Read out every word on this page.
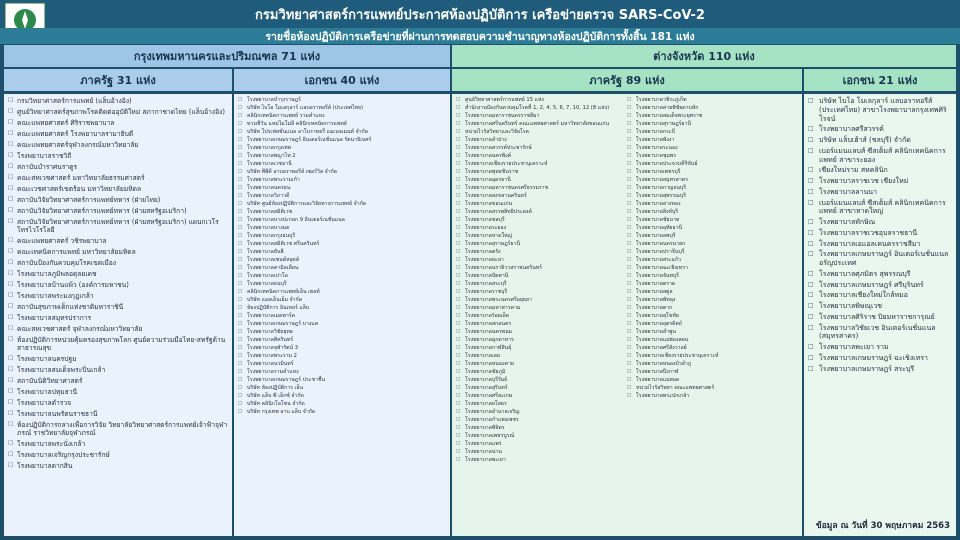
กรมวิทยาศาสตร์การแพทย์ประกาศห้องปฏิบัติการ เครือข่ายตรวจ SARS-CoV-2
รายชื่อห้องปฏิบัติการเครือข่ายที่ผ่านการทดสอบความชำนาญทางห้องปฏิบัติการทั้งสิ้น 181 แห่ง
กรุงเทพมหานครและปริมณฑล 71 แห่ง	ต่างจังหวัด 110 แห่ง
ภาครัฐ 31 แห่ง	เอกชน 40 แห่ง	ภาครัฐ 89 แห่ง	เอกชน 21 แห่ง
□ กรมวิทยาศาสตร์การแพทย์ (แล็บอ้างอิง)
□ ศูนย์วิทยาศาสตร์สุขภาพโรคติดต่ออุบัติใหม่ สภากาชาดไทย (แล็บอ้างอิง)
□ คณะแพทยศาสตร์ ศิริราชพยาบาล
□ คณะแพทยศาสตร์ โรงพยาบาลรามาธิบดี
□ คณะแพทยศาสตร์จุฬาลงกรณ์มหาวิทยาลัย
□ โรงพยาบาลราชวิถี
□ สถาบันบำราศนราดูร
□ คณะสหเวชศาสตร์ มหาวิทยาลัยธรรมศาสตร์
□ คณะเวชศาสตร์เขตร้อน มหาวิทยาลัยมหิดล
□ สถาบันวิจัยวิทยาศาสตร์การแพทย์ทหาร (ฝ่ายไทย)
□ สถาบันวิจัยวิทยาศาสตร์การแพทย์ทหาร (ฝ่ายสหรัฐอเมริกา)
□ สถาบันวิจัยวิทยาศาสตร์การแพทย์ทหาร (ฝ่ายสหรัฐอเมริกา) แผนกเวโรโทรไวโรโลยี
□ คณะแพทยศาสตร์ วชิรพยาบาล
□ คณะเทคนิคการแพทย์ มหาวิทยาลัยมหิดล
□ สถาบันป้องกันควบคุมโรคเขตเมือง
□ โรงพยาบาลภูมิพลอดุลยเดช
□ โรงพยาบาลบ้านแพ้ว (องค์การมหาชน)
□ โรงพยาบาลพระมงกุฎเกล้า
□ สถาบันสุขภาพเด็กแห่งชาติมหาราชินี
□ โรงพยาบาลสมุทรปราการ
□ คณะสหเวชศาสตร์ จุฬาลงกรณ์มหาวิทยาลัย
□ ห้องปฏิบัติการหน่วยคุ้มครองสุขภาพโลก ศูนย์ความร่วมมือไทย-สหรัฐด้านสาธารณสุข
□ โรงพยาบาลนครปฐม
□ โรงพยาบาลสมเด็จพระปิ่นเกล้า
□ สถาบันนิติวิทยาศาสตร์
□ โรงพยาบาลปทุมธานี
□ โรงพยาบาลตำรวจ
□ โรงพยาบาลนพรัตนราชธานี
□ ห้องปฏิบัติการกลางเพื่อการวิจัย วิทยาลัยวิทยาศาสตร์การแพทย์เจ้าฟ้าจุฬาภรณ์ ราชวิทยาลัยจุฬาภรณ์
□ โรงพยาบาลพระนั่งเกล้า
□ โรงพยาบาลเจริญกรุงประชารักษ์
□ โรงพยาบาลตากสิน
□ โรงพยาบาลบำรุงราษฎร์
□ บริษัท ไบโอ โมเลกุลาร์ แลบอราทอรีส์ (ประเทศไทย)
□ คลินิกเทคนิคการแพทย์ รามคำแหง
□ ทวนชีวัน แหม่ไมโม่ลี คลินิกเทคนิคการแพทย์
□ บริษัท โปรเฟสชั่นแนล ลาโบราทอรี่ แมเนจเมนท์ จำกัด
□ โรงพยาบาลเกษมราษฎร์ อินเตอร์เนชั่นแนล รัตนาธิเบศร์
□ โรงพยาบาลกรุงเทพ
□ โรงพยาบาลพญาไท 2
□ โรงพยาบาลเวชธานี
□ บริษัท พีพีดี ลาบอราทอรีส์ เซอร์วิส จำกัด
□ โรงพยาบาลพระรามเก้า
□ โรงพยาบาลนครธน
□ โรงพยาบาลวิภาวดี
□ บริษัท ศูนย์ห้องปฏิบัติการและวิจัยทางการแพทย์ จำกัด
□ โรงพยาบาลสมิติเวช
□ โรงพยาบาลบางปะกอก 9 อินเตอร์เนชั่นแนล
□ โรงพยาบาลบางมด
□ โรงพยาบาลกรุงธนบุรี
□ โรงพยาบาลสมิติเวช ศรีนครินทร์
□ โรงพยาบาลยันฮี
□ โรงพยาบาลเซนต์หลุยส์
□ โรงพยาบาลคามิลเลียน
□ โรงพยาบาลเปาโล
□ โรงพยาบาลธนบุรี
□ คลินิกเทคนิคการแพทย์เอ็น เฮลท์
□ บริษัท แอลเอ็นเอ็ม จำกัด
□ ห้องปฏิบัติการ อินเทอร์ แล็บ
□ โรงพยาบาลเมดพาร์ค
□ โรงพยาบาลเกษมราษฎร์ บางแค
□ โรงพยาบาลวิชัยยุทธ
□ โรงพยาบาลศิครินทร์
□ โรงพยาบาลจุฬารัตน์ 3
□ โรงพยาบาลพระราม 2
□ โรงพยาบาลนวมินทร์
□ โรงพยาบาลรามคำแหง
□ โรงพยาบาลเกษมราษฎร์ ประชาชื่น
□ บริษัท ห้องปฏิบัติการ เอ็น
□ บริษัท แล็บ ซี เอ็กซ์ จำกัด
□ บริษัท คลินิกโอโซน จำกัด
□ บริษัท กรุงเทพ ลาบ แล็บ จำกัด
□ ศูนย์วิทยาศาสตร์การแพทย์ 15 แห่ง
□ สำนักงานป้องกันควบคุมโรคที่ 1, 2, 4, 5, 6, 7, 10, 12 (8 แห่ง)
□ โรงพยาบาลมหาราชนครราชสีมา
□ โรงพยาบาลศรีนครินทร์ คณะแพทยศาสตร์ มหาวิทยาลัยขอนแก่น
□ หน่วยไวรัสวิทยาและวิจัยโรค
□ โรงพยาบาลลำปาง
□ โรงพยาบาลสวรรค์ประชารักษ์
□ โรงพยาบาลนครพิงค์
□ โรงพยาบาลเชียงรายประชานุเคราะห์
□ โรงพยาบาลพุทธชินราช
□ โรงพยาบาลอุดรธานี
□ โรงพยาบาลมหาราชนครศรีธรรมราช
□ โรงพยาบาลสงขลานครินทร์
□ โรงพยาบาลขอนแก่น
□ โรงพยาบาลสรรพสิทธิประสงค์
□ โรงพยาบาลชลบุรี
□ โรงพยาบาลระยอง
□ โรงพยาบาลหาดใหญ่
□ โรงพยาบาลสุราษฎร์ธานี
□ โรงพยาบาลตรัง
□ โรงพยาบาลยะลา
□ โรงพยาบาลนราธิวาสราชนครินทร์
□ โรงพยาบาลปัตตานี
□ โรงพยาบาลสระบุรี
□ โรงพยาบาลราชบุรี
□ โรงพยาบาลพระนครศรีอยุธยา
□ โรงพยาบาลมหาสารคาม
□ โรงพยาบาลร้อยเอ็ด
□ โรงพยาบาลสกลนคร
□ โรงพยาบาลนครพนม
□ โรงพยาบาลมุกดาหาร
□ โรงพยาบาลกาฬสินธุ์
□ โรงพยาบาลเลย
□ โรงพยาบาลหนองคาย
□ โรงพยาบาลชัยภูมิ
□ โรงพยาบาลบุรีรัมย์
□ โรงพยาบาลสุรินทร์
□ โรงพยาบาลศรีสะเกษ
□ โรงพยาบาลยโสธร
□ โรงพยาบาลอำนาจเจริญ
□ โรงพยาบาลกำแพงเพชร
□ โรงพยาบาลพิจิตร
□ โรงพยาบาลเพชรบูรณ์
□ โรงพยาบาลแพร่
□ โรงพยาบาลน่าน
□ โรงพยาบาลพะเยา
□ โรงพยาบาลวชิระภูเก็ต
□ โรงพยาบาลค่ายพิชัยดาบหัก
□ โรงพยาบาลสมเด็จพระยุพราช
□ โรงพยาบาลสุราษฎร์ธานี
□ โรงพยาบาลกระบี่
□ โรงพยาบาลพังงา
□ โรงพยาบาลระนอง
□ โรงพยาบาลชุมพร
□ โรงพยาบาลประจวบคีรีขันธ์
□ โรงพยาบาลเพชรบุรี
□ โรงพยาบาลสมุทรสาคร
□ โรงพยาบาลกาญจนบุรี
□ โรงพยาบาลสุพรรณบุรี
□ โรงพยาบาลอ่างทอง
□ โรงพยาบาลสิงห์บุรี
□ โรงพยาบาลชัยนาท
□ โรงพยาบาลอุทัยธานี
□ โรงพยาบาลลพบุรี
□ โรงพยาบาลนครนายก
□ โรงพยาบาลปราจีนบุรี
□ โรงพยาบาลสระแก้ว
□ โรงพยาบาลฉะเชิงเทรา
□ โรงพยาบาลจันทบุรี
□ โรงพยาบาลตราด
□ โรงพยาบาลสตูล
□ โรงพยาบาลพัทลุง
□ โรงพยาบาลตาก
□ โรงพยาบาลสุโขทัย
□ โรงพยาบาลอุตรดิตถ์
□ โรงพยาบาลลำพูน
□ โรงพยาบาลแม่ฮ่องสอน
□ โรงพยาบาลศรีสังวาลย์
□ โรงพยาบาลเชียงรายประชานุเคราะห์
□ โรงพยาบาลหนองบัวลำภู
□ โรงพยาบาลบึงกาฬ
□ โรงพยาบาลแม่สอด
□ หน่วยไวรัสวิทยา คณะแพทยศาสตร์
□ โรงพยาบาลพระปกเกล้า
□ บริษัท ไบโอ โมเลกุลาร์ แลบอราทอรีส์ (ประเทศไทย) สาขาโรงพยาบาลกรุงเทพศิริโรจน์
□ โรงพยาบาลศรีสวรรค์
□ บริษัท แล็บเฮ้าส์ (ชลบุรี) จำกัด
□ เบอร์แมนแลบส์ ซีสเต็มส์ คลินิกเทคนิคการแพทย์ สาขาระยอง
□ เชียงใหม่ราม สหคลินิก
□ โรงพยาบาลราชเวช เชียงใหม่
□ โรงพยาบาลลานนา
□ เบอร์แมนแลบส์ ซีสเต็มส์ คลินิกเทคนิคการแพทย์ สาขาหาดใหญ่
□ โรงพยาบาลทักษิณ
□ โรงพยาบาลราชเวชอุบลราชธานี
□ โรงพยาบาลเอแอลเคนครราชสีมา
□ โรงพยาบาลเกษมราษฎร์ อินเตอร์เนชั่นแนล อรัญประเทศ
□ โรงพยาบาลศุภมิตร สุพรรณบุรี
□ โรงพยาบาลเกษมราษฎร์ ศรีบุรินทร์
□ โรงพยาบาลเชียงใหม่ใกล้หมอ
□ โรงพยาบาลพิษณุเวช
□ โรงพยาบาลศิริราช ปิยมหาราชการุณย์
□ โรงพยาบาลวิชัยเวช อินเตอร์เนชั่นแนล (สมุทรสาคร)
□ โรงพยาบาลพะเยา ราม
□ โรงพยาบาลเกษมราษฎร์ ฉะเชิงเทรา
□ โรงพยาบาลเกษมราษฎร์ สระบุรี
ข้อมูล ณ วันที่ 30 พฤษภาคม 2563
